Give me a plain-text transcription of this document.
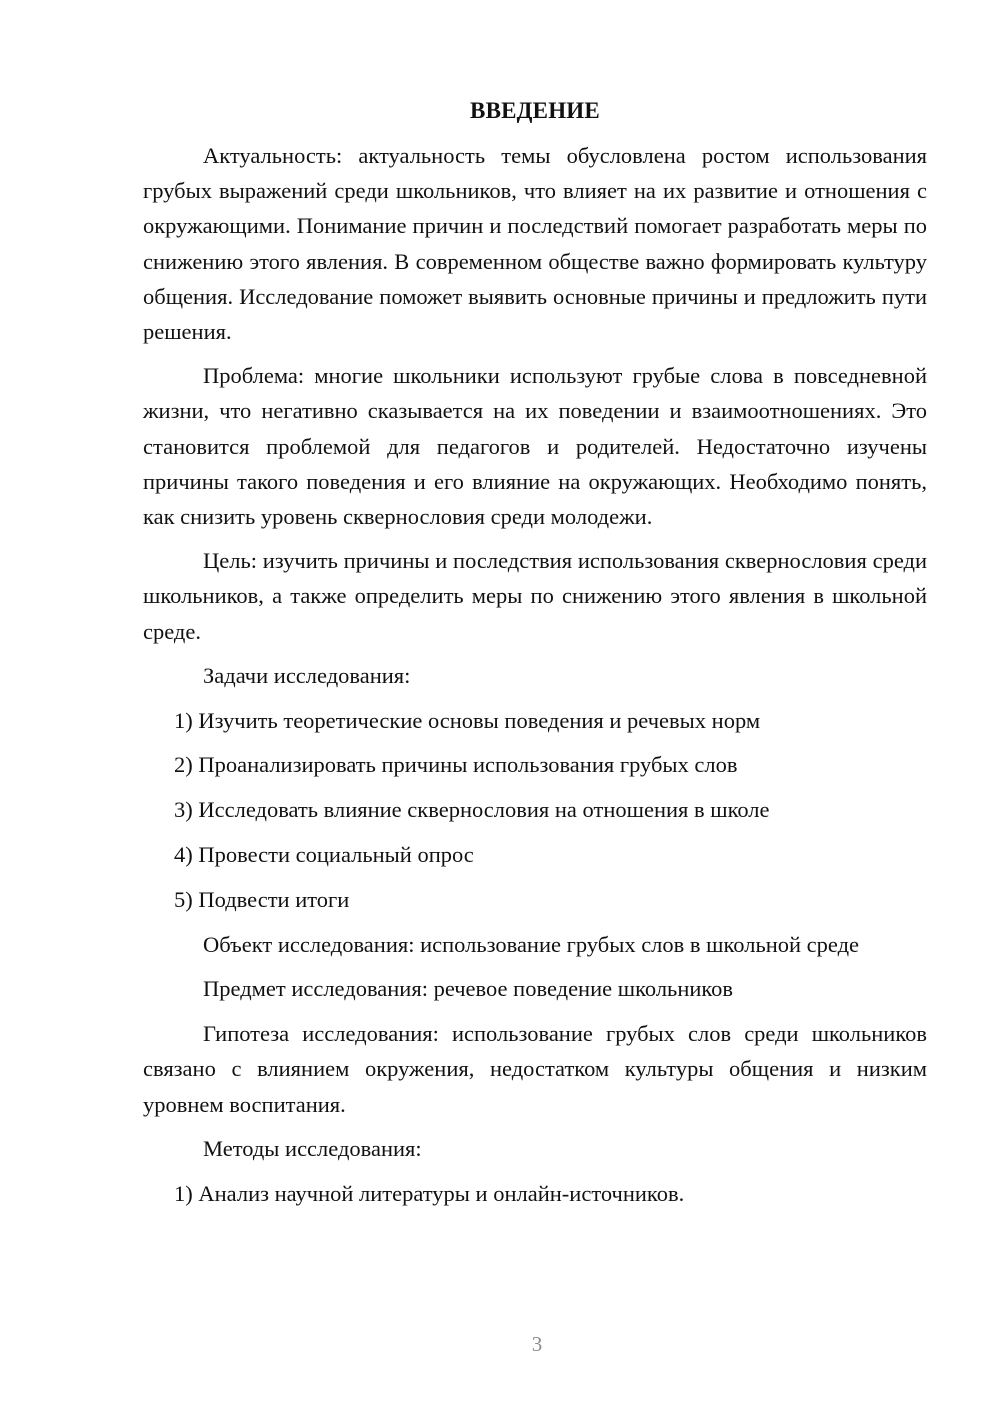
ВВЕДЕНИЕ

Актуальность: актуальность темы обусловлена ростом использования грубых выражений среди школьников, что влияет на их развитие и отношения с окружающими. Понимание причин и последствий помогает разработать меры по снижению этого явления. В современном обществе важно формировать культуру общения. Исследование поможет выявить основные причины и предложить пути решения.

Проблема: многие школьники используют грубые слова в повседневной жизни, что негативно сказывается на их поведении и взаимоотношениях. Это становится проблемой для педагогов и родителей. Недостаточно изучены причины такого поведения и его влияние на окружающих. Необходимо понять, как снизить уровень сквернословия среди молодежи.

Цель: изучить причины и последствия использования сквернословия среди школьников, а также определить меры по снижению этого явления в школьной среде.

Задачи исследования:
1) Изучить теоретические основы поведения и речевых норм
2) Проанализировать причины использования грубых слов
3) Исследовать влияние сквернословия на отношения в школе
4) Провести социальный опрос
5) Подвести итоги
Объект исследования: использование грубых слов в школьной среде
Предмет исследования: речевое поведение школьников

Гипотеза исследования: использование грубых слов среди школьников связано с влиянием окружения, недостатком культуры общения и низким уровнем воспитания.

Методы исследования:
1) Анализ научной литературы и онлайн-источников.
3
